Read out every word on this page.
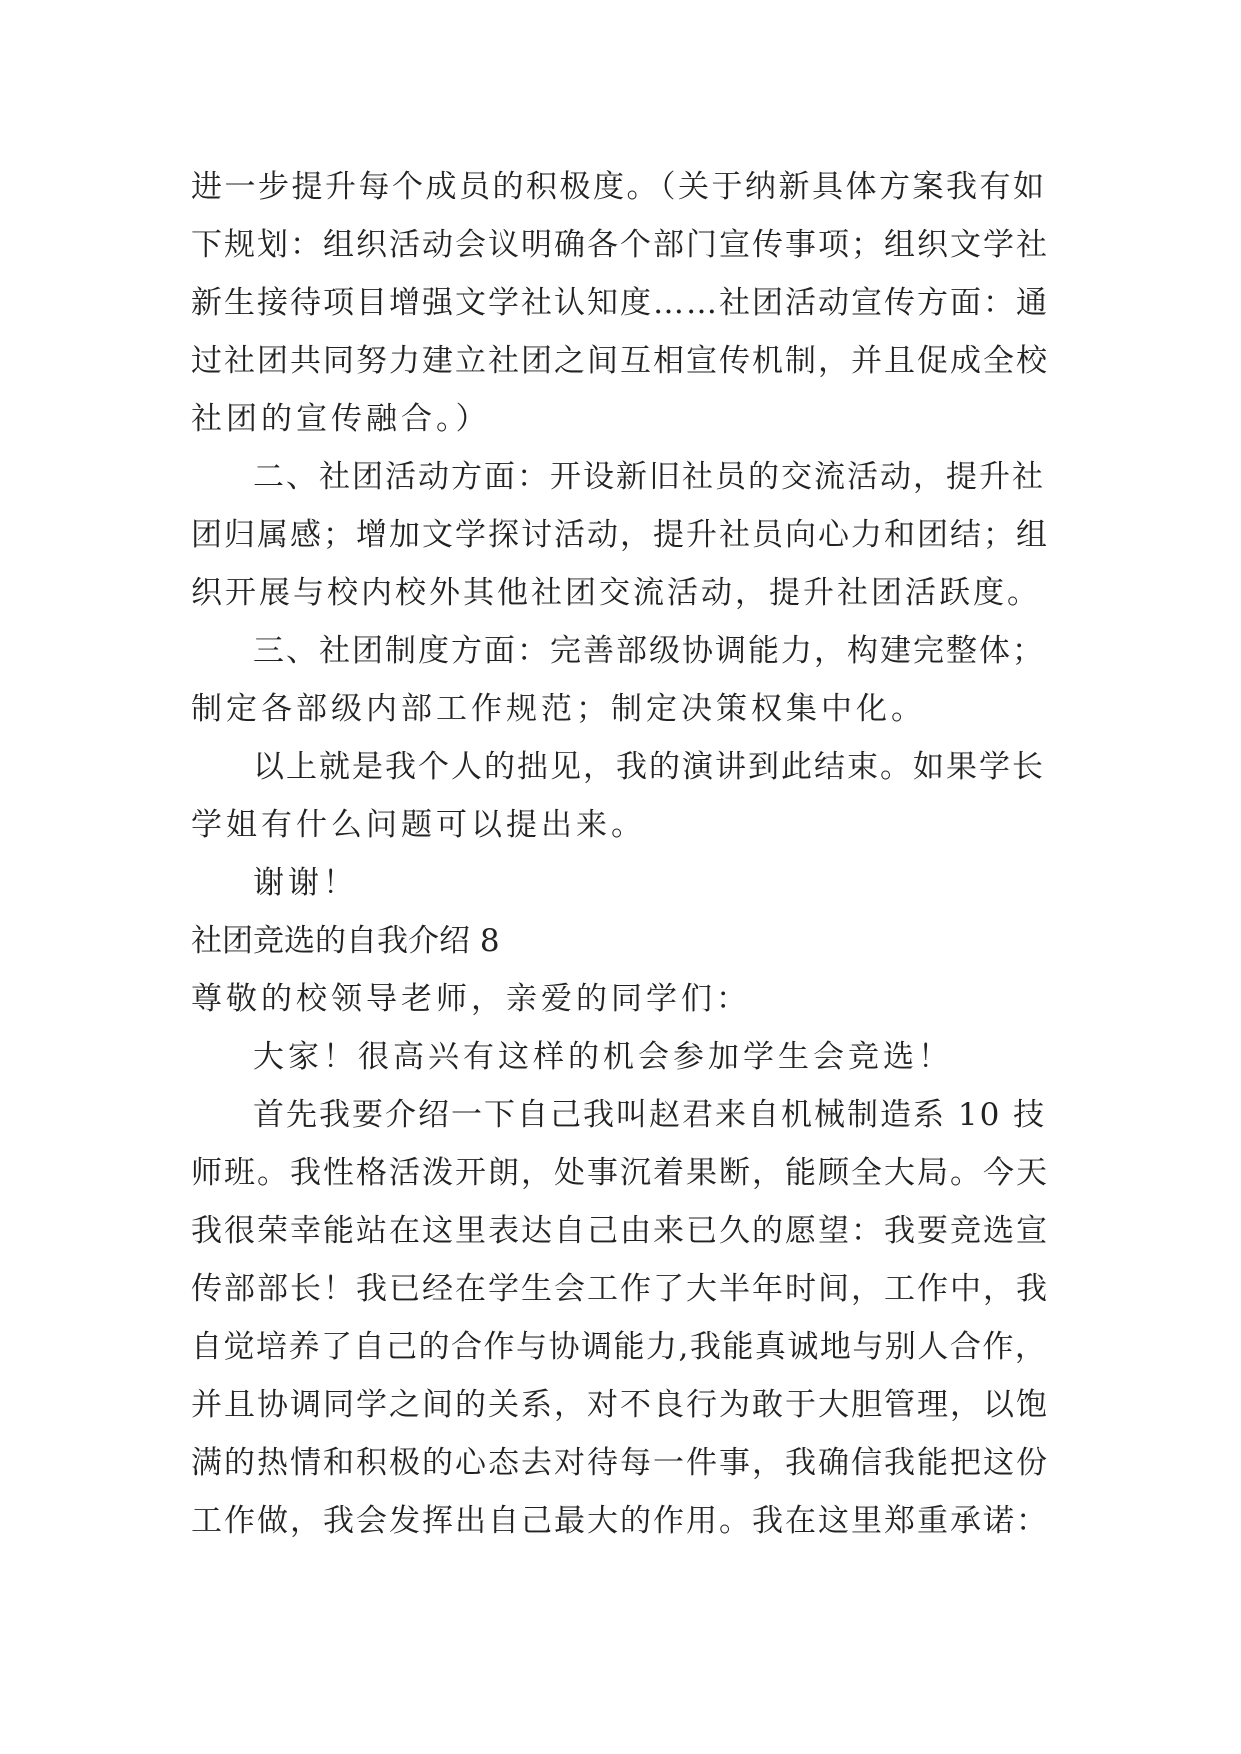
进一步提升每个成员的积极度。（关于纳新具体方案我有如
下规划：组织活动会议明确各个部门宣传事项；组织文学社
新生接待项目增强文学社认知度……社团活动宣传方面：通
过社团共同努力建立社团之间互相宣传机制，并且促成全校
社团的宣传融合。）
二、社团活动方面：开设新旧社员的交流活动，提升社
团归属感；增加文学探讨活动，提升社员向心力和团结；组
织开展与校内校外其他社团交流活动，提升社团活跃度。
三、社团制度方面：完善部级协调能力，构建完整体；
制定各部级内部工作规范；制定决策权集中化。
以上就是我个人的拙见，我的演讲到此结束。如果学长
学姐有什么问题可以提出来。
谢谢！
社团竞选的自我介绍 8
尊敬的校领导老师，亲爱的同学们：
大家！很高兴有这样的机会参加学生会竞选！
首先我要介绍一下自己我叫赵君来自机械制造系 10 技
师班。我性格活泼开朗，处事沉着果断，能顾全大局。今天
我很荣幸能站在这里表达自己由来已久的愿望：我要竞选宣
传部部长！我已经在学生会工作了大半年时间，工作中，我
自觉培养了自己的合作与协调能力,我能真诚地与别人合作，
并且协调同学之间的关系，对不良行为敢于大胆管理，以饱
满的热情和积极的心态去对待每一件事，我确信我能把这份
工作做，我会发挥出自己最大的作用。我在这里郑重承诺：
